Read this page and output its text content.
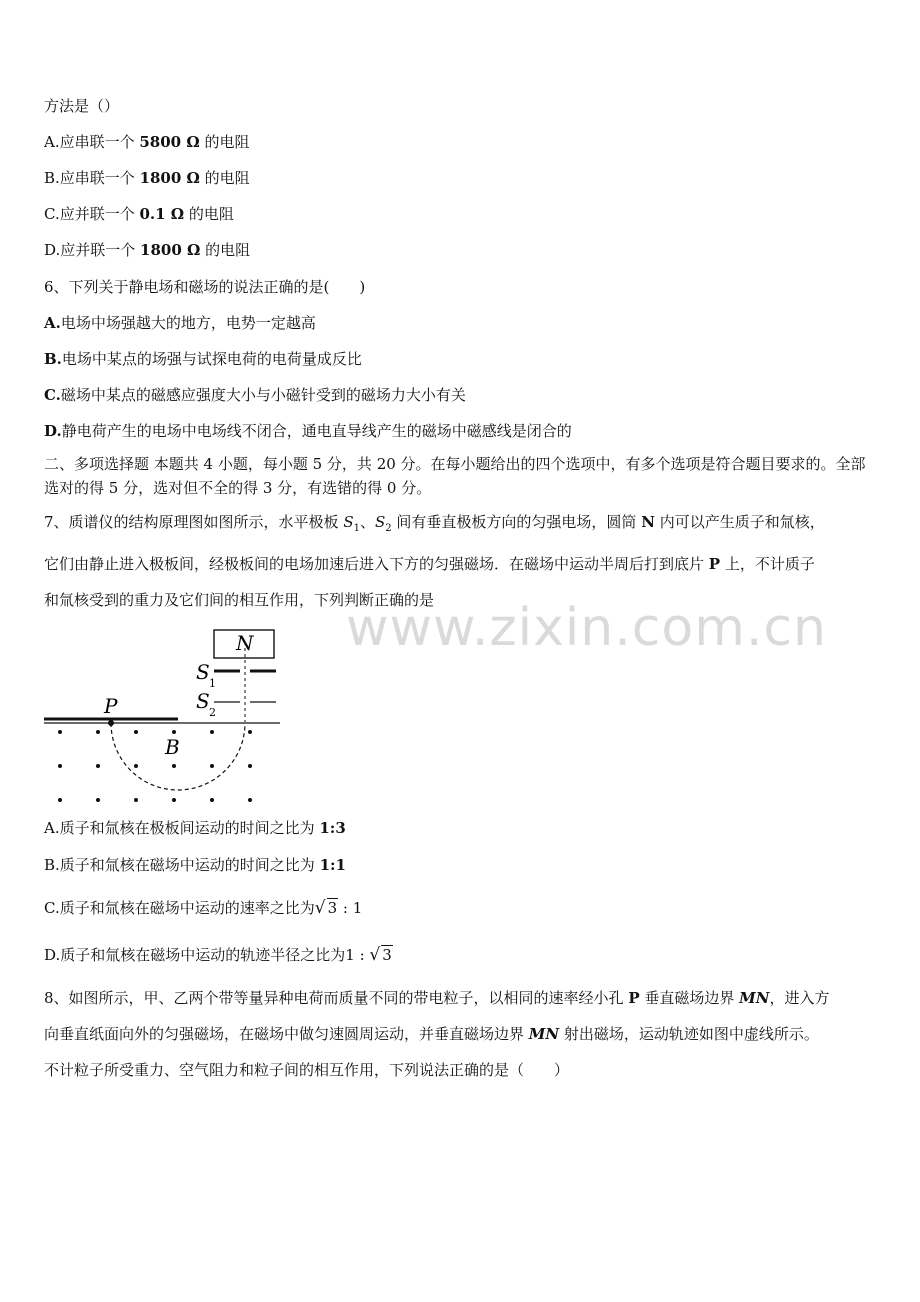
www.zixin.com.cn
方法是（）
A.应串联一个 5800 Ω 的电阻
B.应串联一个 1800 Ω 的电阻
C.应并联一个 0.1 Ω 的电阻
D.应并联一个 1800 Ω 的电阻
6、下列关于静电场和磁场的说法正确的是(　　)
A.电场中场强越大的地方，电势一定越高
B.电场中某点的场强与试探电荷的电荷量成反比
C.磁场中某点的磁感应强度大小与小磁针受到的磁场力大小有关
D.静电荷产生的电场中电场线不闭合，通电直导线产生的磁场中磁感线是闭合的
二、多项选择题 本题共 4 小题，每小题 5 分，共 20 分。在每小题给出的四个选项中，有多个选项是符合题目要求的。全部选对的得 5 分，选对但不全的得 3 分，有选错的得 0 分。
7、质谱仪的结构原理图如图所示，水平极板 $S_1$、$S_2$ 间有垂直极板方向的匀强电场，圆筒 N 内可以产生质子和氚核，
它们由静止进入极板间，经极板间的电场加速后进入下方的匀强磁场．在磁场中运动半周后打到底片 P 上，不计质子
和氚核受到的重力及它们间的相互作用，下列判断正确的是
N
S 1
S 2
P
B
A.质子和氚核在极板间运动的时间之比为 1:3
B.质子和氚核在磁场中运动的时间之比为 1:1
C.质子和氚核在磁场中运动的速率之比为√ 3 : 1
D.质子和氚核在磁场中运动的轨迹半径之比为1 : √ 3
8、如图所示，甲、乙两个带等量异种电荷而质量不同的带电粒子，以相同的速率经小孔 P 垂直磁场边界 MN，进入方
向垂直纸面向外的匀强磁场，在磁场中做匀速圆周运动，并垂直磁场边界 MN 射出磁场，运动轨迹如图中虚线所示。
不计粒子所受重力、空气阻力和粒子间的相互作用，下列说法正确的是（　　）
